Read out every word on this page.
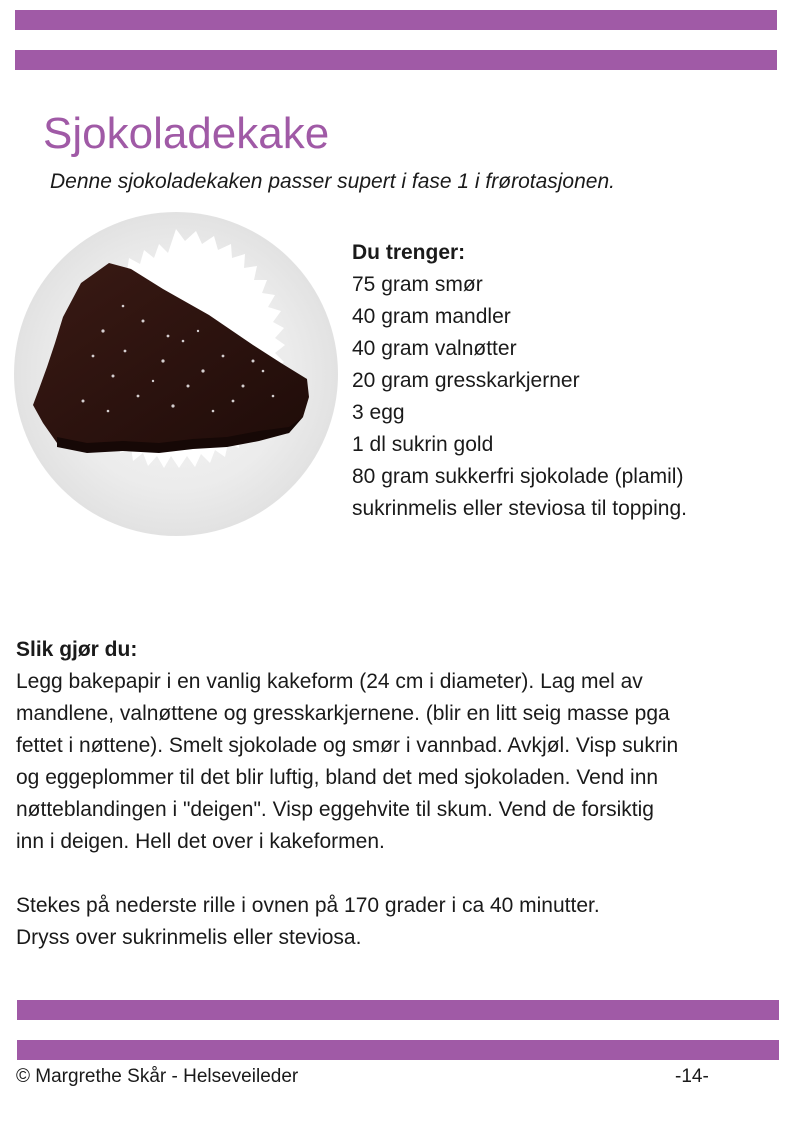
Sjokoladekake

Denne sjokoladekaken passer supert i fase 1 i frørotasjonen.

Du trenger:
75 gram smør
40 gram mandler
40 gram valnøtter
20 gram gresskarkjerner
3 egg
1 dl sukrin gold
80 gram sukkerfri sjokolade (plamil)
sukrinmelis eller steviosa til topping.
Slik gjør du:
Legg bakepapir i en vanlig kakeform (24 cm i diameter). Lag mel av
mandlene, valnøttene og gresskarkjernene. (blir en litt seig masse pga
fettet i nøttene). Smelt sjokolade og smør i vannbad. Avkjøl. Visp sukrin
og eggeplommer til det blir luftig, bland det med sjokoladen. Vend inn
nøtteblandingen i "deigen". Visp eggehvite til skum. Vend de forsiktig
inn i deigen. Hell det over i kakeformen.
Stekes på nederste rille i ovnen på 170 grader i ca 40 minutter.
Dryss over sukrinmelis eller steviosa.
© Margrethe Skår - Helseveileder	-14-
